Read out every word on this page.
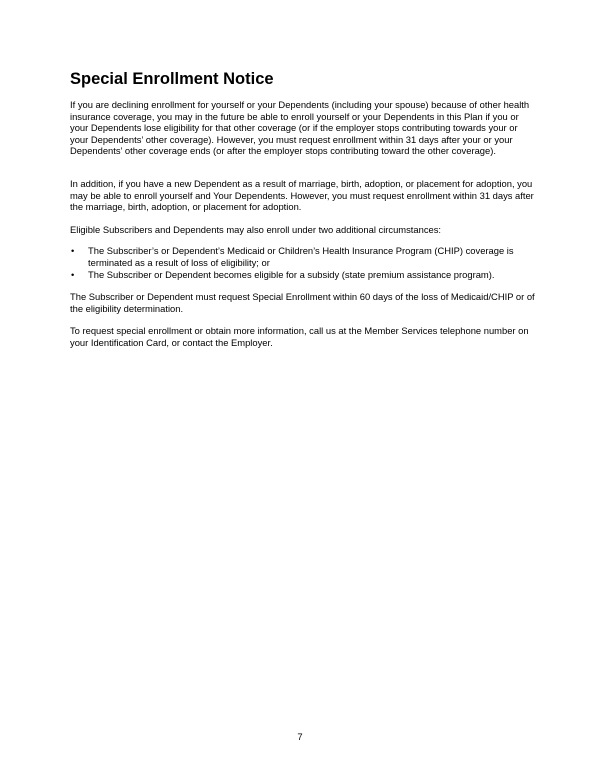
Special Enrollment Notice

If you are declining enrollment for yourself or your Dependents (including your spouse) because of other health insurance coverage, you may in the future be able to enroll yourself or your Dependents in this Plan if you or your Dependents lose eligibility for that other coverage (or if the employer stops contributing towards your or your Dependents’ other coverage). However, you must request enrollment within 31 days after your or your Dependents’ other coverage ends (or after the employer stops contributing toward the other coverage).

In addition, if you have a new Dependent as a result of marriage, birth, adoption, or placement for adoption, you may be able to enroll yourself and Your Dependents. However, you must request enrollment within 31 days after the marriage, birth, adoption, or placement for adoption.

Eligible Subscribers and Dependents may also enroll under two additional circumstances:

• The Subscriber’s or Dependent’s Medicaid or Children’s Health Insurance Program (CHIP) coverage is terminated as a result of loss of eligibility; or
• The Subscriber or Dependent becomes eligible for a subsidy (state premium assistance program).

The Subscriber or Dependent must request Special Enrollment within 60 days of the loss of Medicaid/CHIP or of the eligibility determination.

To request special enrollment or obtain more information, call us at the Member Services telephone number on your Identification Card, or contact the Employer.

7
